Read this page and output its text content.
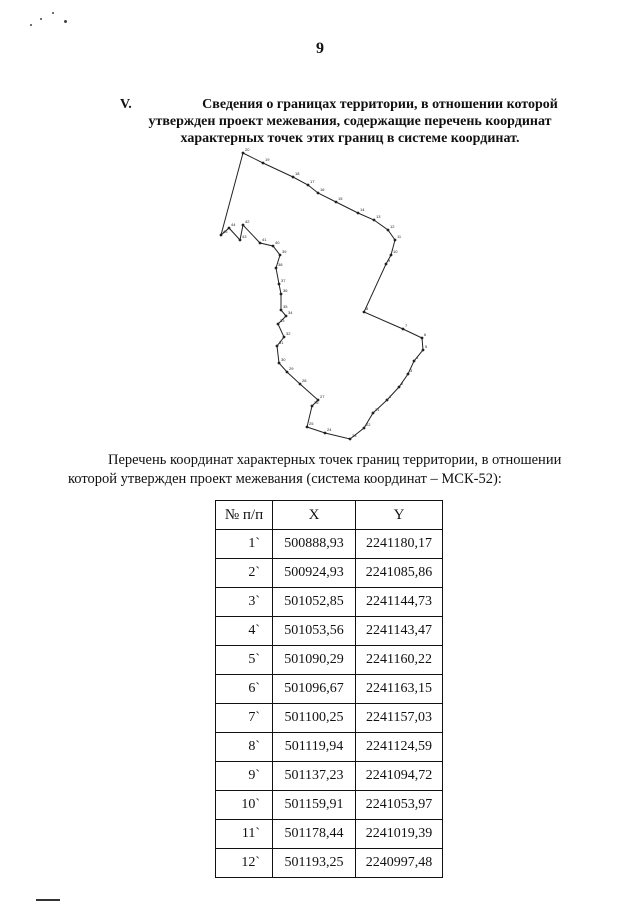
9
V.	Сведения о границах территории, в отношении которой
утвержден проект межевания, содержащие перечень координат
характерных точек этих границ в системе координат.
20
19
18
17
16
15
14
13
12
11
10
9
8
7
6
5
4
3
2
1
21
22
23
24
25
26
27
28
29
30
31
32
33
34
35
36
37
38
39
40
41
42
43
44
45
Перечень координат характерных точек границ территории, в отношении
которой утвержден проект межевания (система координат – МСК-52):
№ п/п	X	Y
1`	500888,93	2241180,17
2`	500924,93	2241085,86
3`	501052,85	2241144,73
4`	501053,56	2241143,47
5`	501090,29	2241160,22
6`	501096,67	2241163,15
7`	501100,25	2241157,03
8`	501119,94	2241124,59
9`	501137,23	2241094,72
10`	501159,91	2241053,97
11`	501178,44	2241019,39
12`	501193,25	2240997,48
